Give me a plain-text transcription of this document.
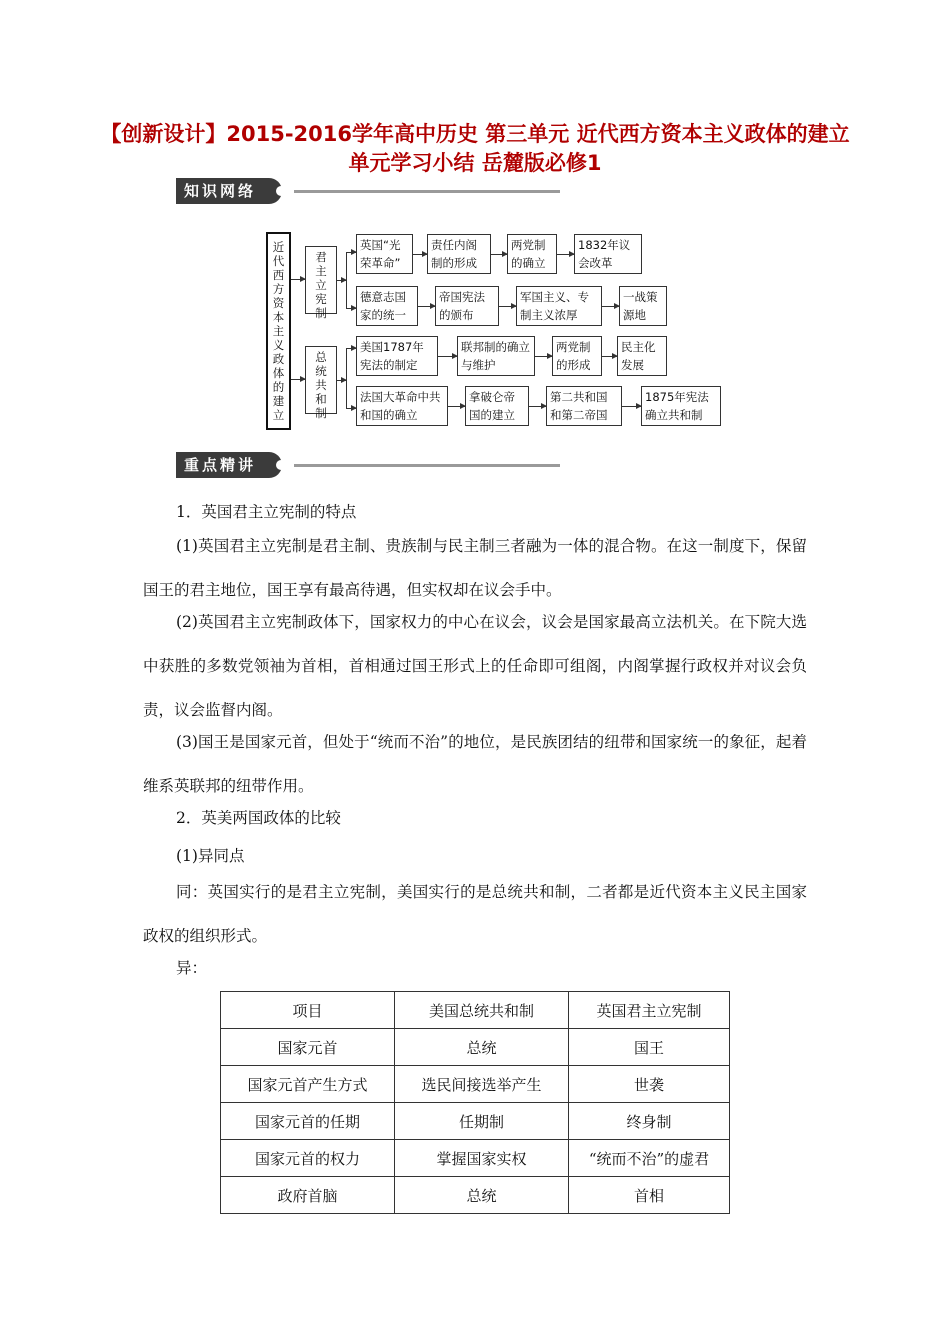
【创新设计】2015-2016学年高中历史 第三单元 近代西方资本主义政体的建立单元学习小结 岳麓版必修1
知识网络
近代西方资本主义政体的建立
君主立宪制
总统共和制
英国“光荣革命”
责任内阁制的形成
两党制的确立
1832年议会改革
德意志国家的统一
帝国宪法的颁布
军国主义、专制主义浓厚
一战策源地
美国1787年宪法的制定
联邦制的确立与维护
两党制的形成
民主化发展
法国大革命中共和国的确立
拿破仑帝国的建立
第二共和国和第二帝国
1875年宪法确立共和制
重点精讲
1．英国君主立宪制的特点
(1)英国君主立宪制是君主制、贵族制与民主制三者融为一体的混合物。在这一制度下，保留国王的君主地位，国王享有最高待遇，但实权却在议会手中。
(2)英国君主立宪制政体下，国家权力的中心在议会，议会是国家最高立法机关。在下院大选中获胜的多数党领袖为首相，首相通过国王形式上的任命即可组阁，内阁掌握行政权并对议会负责，议会监督内阁。
(3)国王是国家元首，但处于“统而不治”的地位，是民族团结的纽带和国家统一的象征，起着维系英联邦的纽带作用。
2．英美两国政体的比较
(1)异同点
同：英国实行的是君主立宪制，美国实行的是总统共和制，二者都是近代资本主义民主国家政权的组织形式。
异：
项目	美国总统共和制	英国君主立宪制
国家元首	总统	国王
国家元首产生方式	选民间接选举产生	世袭
国家元首的任期	任期制	终身制
国家元首的权力	掌握国家实权	“统而不治”的虚君
政府首脑	总统	首相
